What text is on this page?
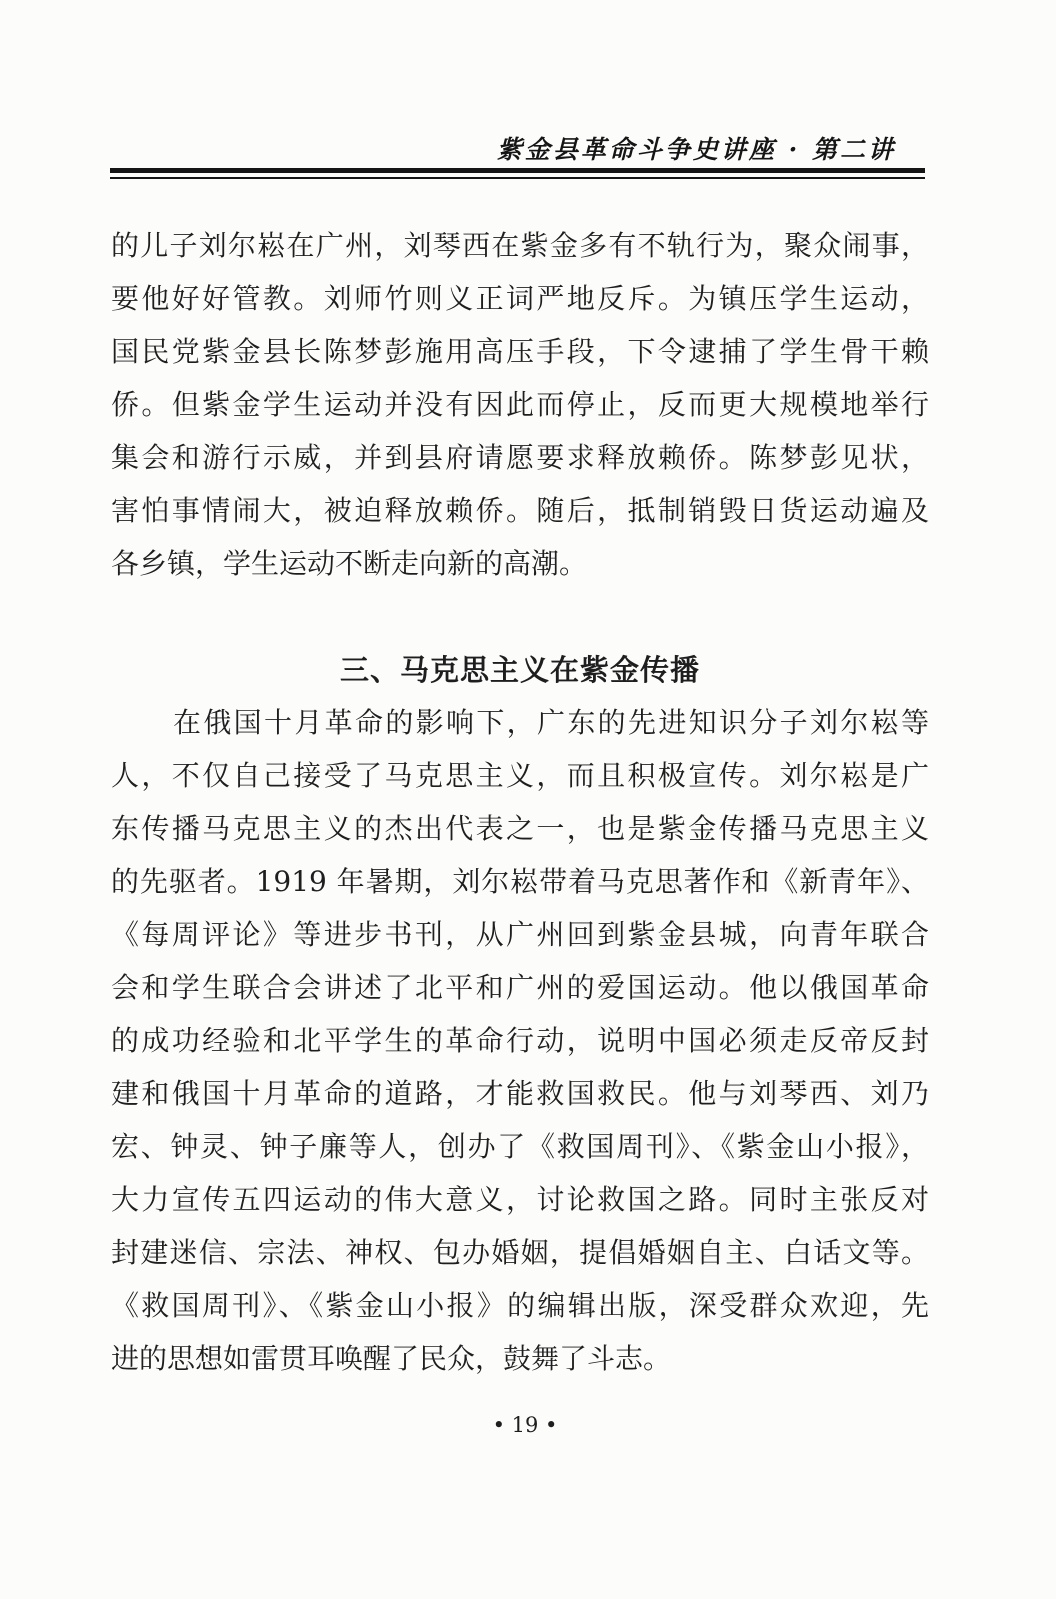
紫金县革命斗争史讲座 · 第二讲
的儿子刘尔崧在广州，刘琴西在紫金多有不轨行为，聚众闹事，
要他好好管教。刘师竹则义正词严地反斥。为镇压学生运动，
国民党紫金县长陈梦彭施用高压手段，下令逮捕了学生骨干赖
侨。但紫金学生运动并没有因此而停止，反而更大规模地举行
集会和游行示威，并到县府请愿要求释放赖侨。陈梦彭见状，
害怕事情闹大，被迫释放赖侨。随后，抵制销毁日货运动遍及
各乡镇，学生运动不断走向新的高潮。
三、马克思主义在紫金传播
在俄国十月革命的影响下，广东的先进知识分子刘尔崧等
人，不仅自己接受了马克思主义，而且积极宣传。刘尔崧是广
东传播马克思主义的杰出代表之一，也是紫金传播马克思主义
的先驱者。1919 年暑期，刘尔崧带着马克思著作和《新青年》、
《每周评论》等进步书刊，从广州回到紫金县城，向青年联合
会和学生联合会讲述了北平和广州的爱国运动。他以俄国革命
的成功经验和北平学生的革命行动，说明中国必须走反帝反封
建和俄国十月革命的道路，才能救国救民。他与刘琴西、刘乃
宏、钟灵、钟子廉等人，创办了《救国周刊》、《紫金山小报》，
大力宣传五四运动的伟大意义，讨论救国之路。同时主张反对
封建迷信、宗法、神权、包办婚姻，提倡婚姻自主、白话文等。
《救国周刊》、《紫金山小报》的编辑出版，深受群众欢迎，先
进的思想如雷贯耳唤醒了民众，鼓舞了斗志。
• 19 •
